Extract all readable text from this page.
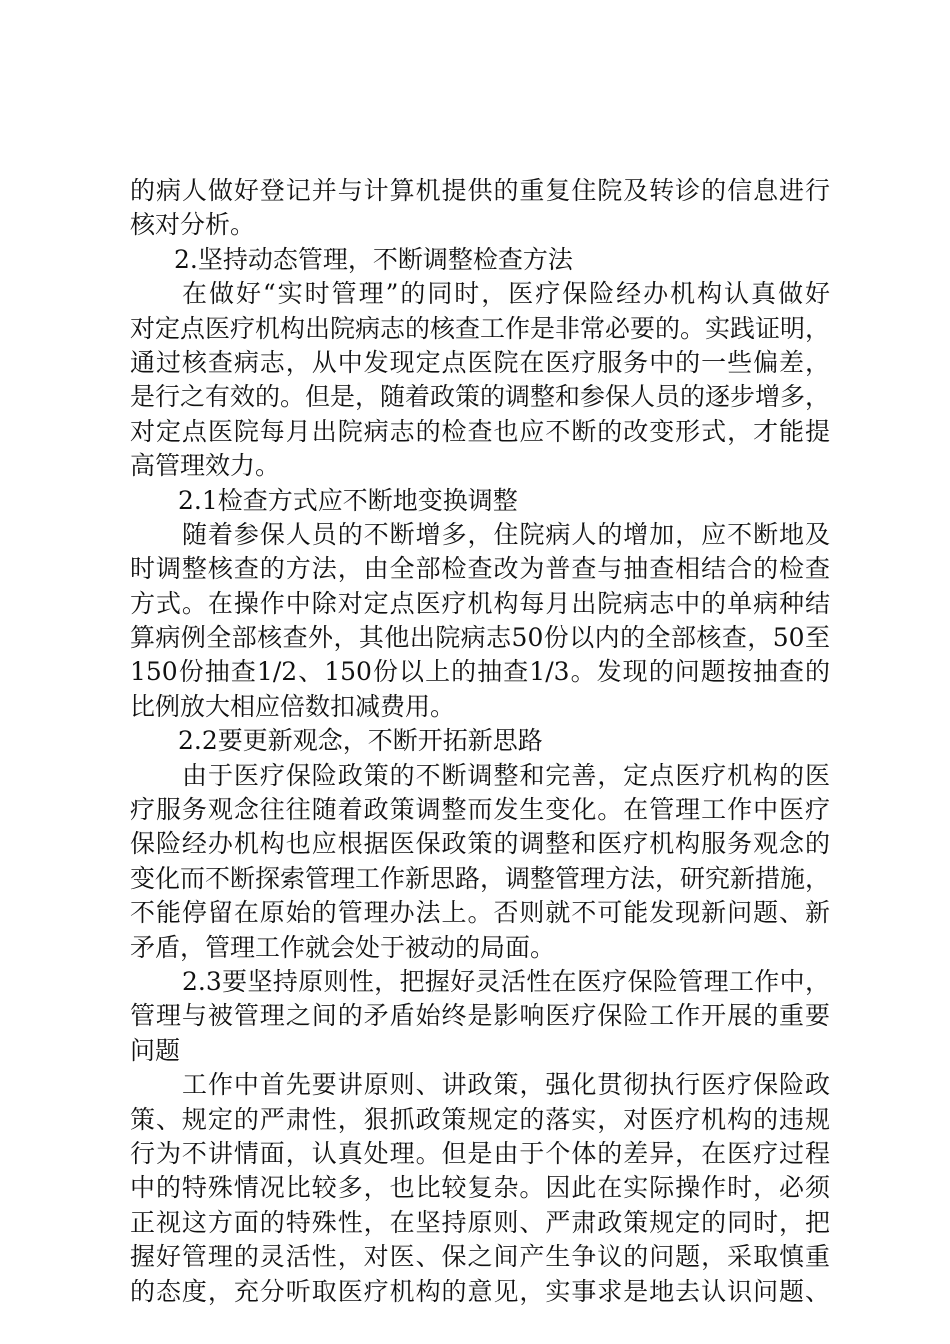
的病人做好登记并与计算机提供的重复住院及转诊的信息进行
核对分析。
2.坚持动态管理，不断调整检查方法
在做好“实时管理”的同时，医疗保险经办机构认真做好
对定点医疗机构出院病志的核查工作是非常必要的。实践证明，
通过核查病志，从中发现定点医院在医疗服务中的一些偏差，
是行之有效的。但是，随着政策的调整和参保人员的逐步增多，
对定点医院每月出院病志的检查也应不断的改变形式，才能提
高管理效力。
2.1检查方式应不断地变换调整
随着参保人员的不断增多，住院病人的增加，应不断地及
时调整核查的方法，由全部检查改为普查与抽查相结合的检查
方式。在操作中除对定点医疗机构每月出院病志中的单病种结
算病例全部核查外，其他出院病志50份以内的全部核查，50至
150份抽查1/2、150份以上的抽查1/3。发现的问题按抽查的
比例放大相应倍数扣减费用。
2.2要更新观念，不断开拓新思路
由于医疗保险政策的不断调整和完善，定点医疗机构的医
疗服务观念往往随着政策调整而发生变化。在管理工作中医疗
保险经办机构也应根据医保政策的调整和医疗机构服务观念的
变化而不断探索管理工作新思路，调整管理方法，研究新措施，
不能停留在原始的管理办法上。否则就不可能发现新问题、新
矛盾，管理工作就会处于被动的局面。
2.3要坚持原则性，把握好灵活性在医疗保险管理工作中，
管理与被管理之间的矛盾始终是影响医疗保险工作开展的重要
问题
工作中首先要讲原则、讲政策，强化贯彻执行医疗保险政
策、规定的严肃性，狠抓政策规定的落实，对医疗机构的违规
行为不讲情面，认真处理。但是由于个体的差异，在医疗过程
中的特殊情况比较多，也比较复杂。因此在实际操作时，必须
正视这方面的特殊性，在坚持原则、严肃政策规定的同时，把
握好管理的灵活性，对医、保之间产生争议的问题，采取慎重
的态度，充分听取医疗机构的意见，实事求是地去认识问题、
